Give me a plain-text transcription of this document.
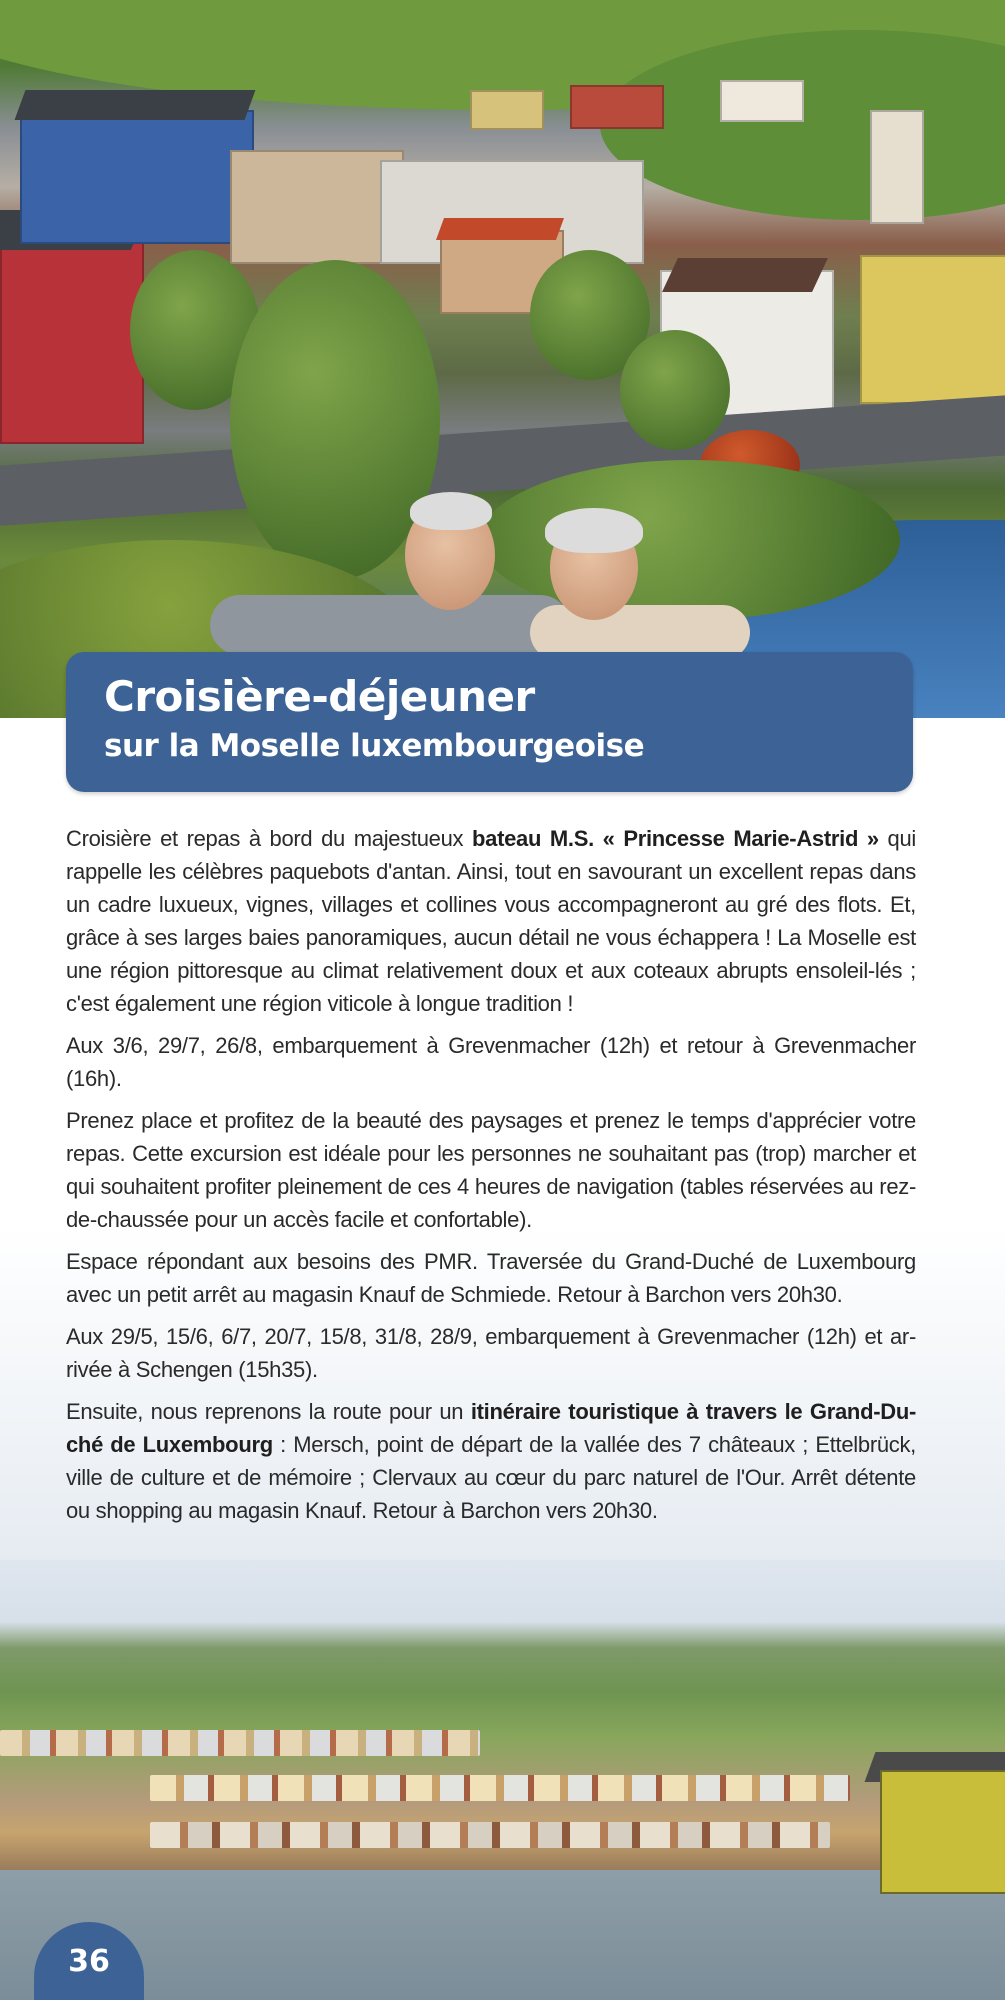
Croisière-déjeuner
sur la Moselle luxembourgeoise

Croisière et repas à bord du majestueux bateau M.S. « Princesse Marie-Astrid » qui rappelle les célèbres paquebots d'antan. Ainsi, tout en savourant un excellent repas dans un cadre luxueux, vignes, villages et collines vous accompagneront au gré des flots. Et, grâce à ses larges baies panoramiques, aucun détail ne vous échappera ! La Moselle est une région pittoresque au climat relativement doux et aux coteaux abrupts ensoleil-lés ; c'est également une région viticole à longue tradition !

Aux 3/6, 29/7, 26/8, embarquement à Grevenmacher (12h) et retour à Grevenmacher (16h).

Prenez place et profitez de la beauté des paysages et prenez le temps d'apprécier votre repas. Cette excursion est idéale pour les personnes ne souhaitant pas (trop) marcher et qui souhaitent profiter pleinement de ces 4 heures de navigation (tables réservées au rez-de-chaussée pour un accès facile et confortable).

Espace répondant aux besoins des PMR. Traversée du Grand-Duché de Luxembourg avec un petit arrêt au magasin Knauf de Schmiede. Retour à Barchon vers 20h30.

Aux 29/5, 15/6, 6/7, 20/7, 15/8, 31/8, 28/9, embarquement à Grevenmacher (12h) et ar-rivée à Schengen (15h35).

Ensuite, nous reprenons la route pour un itinéraire touristique à travers le Grand-Du-ché de Luxembourg : Mersch, point de départ de la vallée des 7 châteaux ; Ettelbrück, ville de culture et de mémoire ; Clervaux au cœur du parc naturel de l'Our. Arrêt détente ou shopping au magasin Knauf. Retour à Barchon vers 20h30.

36
